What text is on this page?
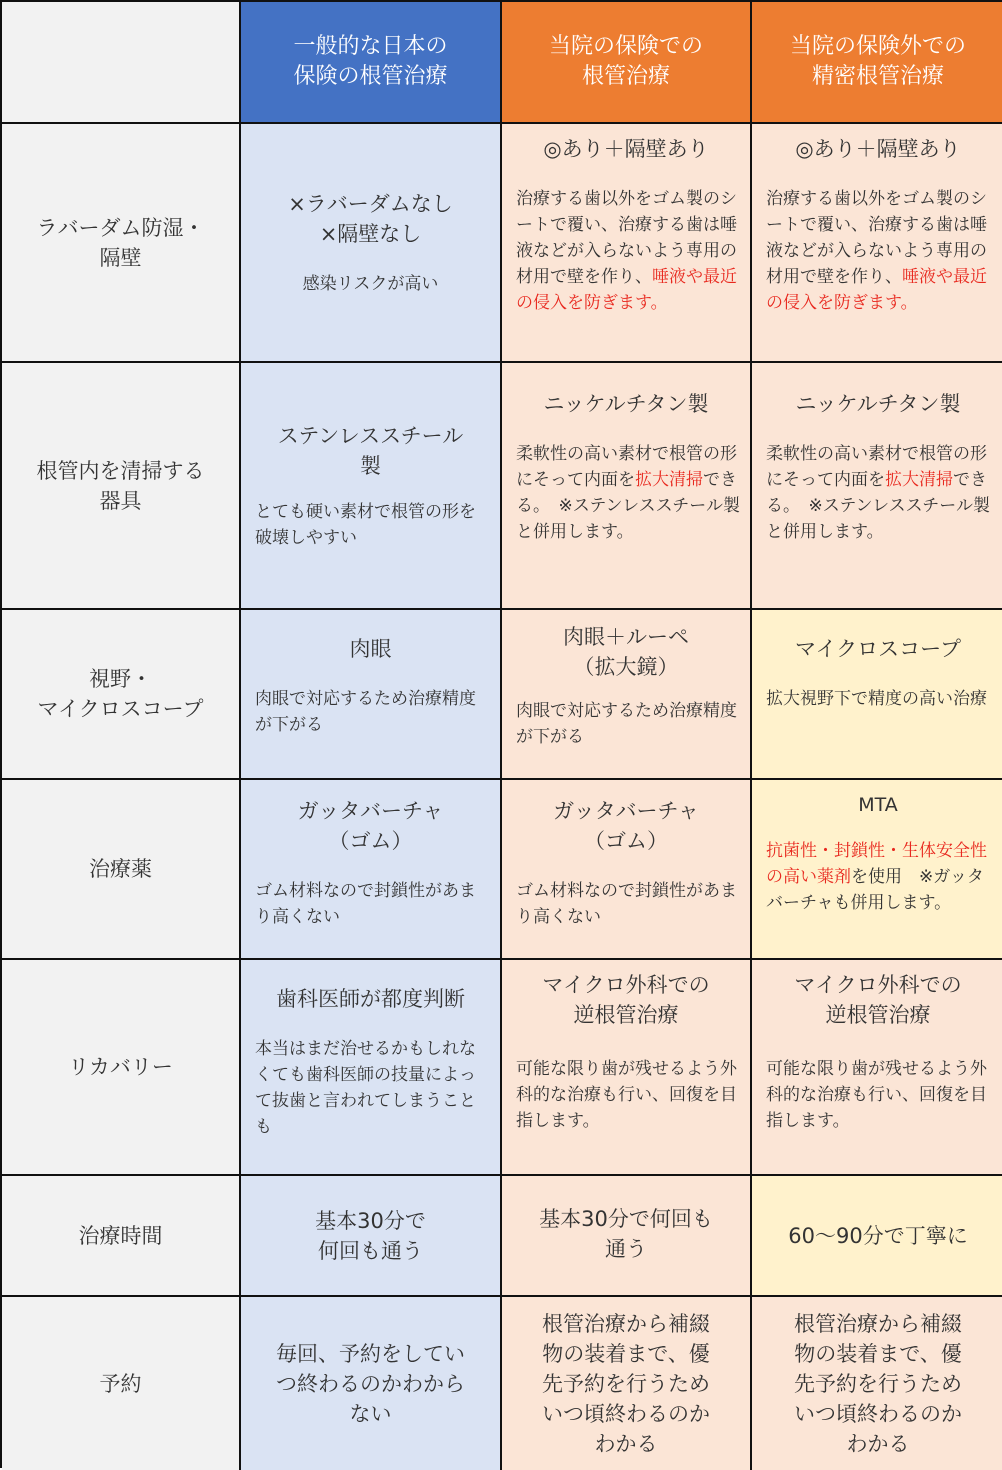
一般的な日本の
保険の根管治療
当院の保険での
根管治療
当院の保険外での
精密根管治療
ラバーダム防湿・
隔壁
×ラバーダムなし
×隔壁なし
感染リスクが高い
◎あり＋隔壁あり
治療する歯以外をゴム製のシートで覆い、治療する歯は唾液などが入らないよう専用の材用で壁を作り、唾液や最近の侵入を防ぎます。
◎あり＋隔壁あり
治療する歯以外をゴム製のシートで覆い、治療する歯は唾液などが入らないよう専用の材用で壁を作り、唾液や最近の侵入を防ぎます。
根管内を清掃する
器具
ステンレススチール
製
とても硬い素材で根管の形を破壊しやすい
ニッケルチタン製
柔軟性の高い素材で根管の形にそって内面を拡大清掃できる。　※ステンレススチール製と併用します。
ニッケルチタン製
柔軟性の高い素材で根管の形にそって内面を拡大清掃できる。　※ステンレススチール製と併用します。
視野・
マイクロスコープ
肉眼
肉眼で対応するため治療精度が下がる
肉眼＋ルーペ
（拡大鏡）
肉眼で対応するため治療精度が下がる
マイクロスコープ
拡大視野下で精度の高い治療
治療薬
ガッタバーチャ
（ゴム）
ゴム材料なので封鎖性があまり高くない
ガッタバーチャ
（ゴム）
ゴム材料なので封鎖性があまり高くない
MTA
抗菌性・封鎖性・生体安全性の高い薬剤を使用　※ガッタバーチャも併用します。
リカバリー
歯科医師が都度判断
本当はまだ治せるかもしれなくても歯科医師の技量によって抜歯と言われてしまうことも
マイクロ外科での
逆根管治療
可能な限り歯が残せるよう外科的な治療も行い、回復を目指します。
マイクロ外科での
逆根管治療
可能な限り歯が残せるよう外科的な治療も行い、回復を目指します。
治療時間
基本30分で
何回も通う
基本30分で何回も
通う
60〜90分で丁寧に
予約
毎回、予約をしてい
つ終わるのかわから
ない
根管治療から補綴
物の装着まで、優
先予約を行うため
いつ頃終わるのか
わかる
根管治療から補綴
物の装着まで、優
先予約を行うため
いつ頃終わるのか
わかる
